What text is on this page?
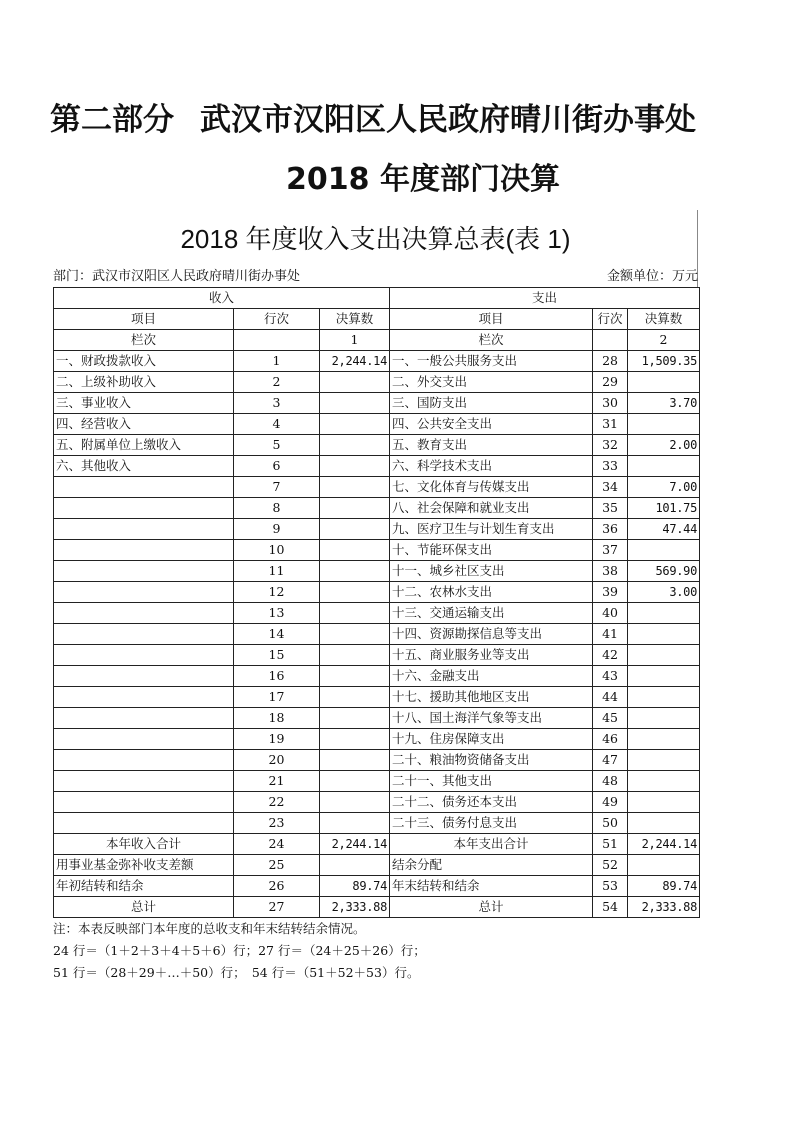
第二部分 武汉市汉阳区人民政府晴川街办事处
2018 年度部门决算
2018 年度收入支出决算总表(表 1)
部门：武汉市汉阳区人民政府晴川街办事处	金额单位：万元
收入			支出		
项目	行次	决算数	项目	行次	决算数
栏次		1	栏次		2
一、财政拨款收入	1	2,244.14	一、一般公共服务支出	28	1,509.35
二、上级补助收入	2		二、外交支出	29	
三、事业收入	3		三、国防支出	30	3.70
四、经营收入	4		四、公共安全支出	31	
五、附属单位上缴收入	5		五、教育支出	32	2.00
六、其他收入	6		六、科学技术支出	33	
	7		七、文化体育与传媒支出	34	7.00
	8		八、社会保障和就业支出	35	101.75
	9		九、医疗卫生与计划生育支出	36	47.44
	10		十、节能环保支出	37	
	11		十一、城乡社区支出	38	569.90
	12		十二、农林水支出	39	3.00
	13		十三、交通运输支出	40	
	14		十四、资源勘探信息等支出	41	
	15		十五、商业服务业等支出	42	
	16		十六、金融支出	43	
	17		十七、援助其他地区支出	44	
	18		十八、国土海洋气象等支出	45	
	19		十九、住房保障支出	46	
	20		二十、粮油物资储备支出	47	
	21		二十一、其他支出	48	
	22		二十二、债务还本支出	49	
	23		二十三、债务付息支出	50	
本年收入合计	24	2,244.14	本年支出合计	51	2,244.14
用事业基金弥补收支差额	25		结余分配	52	
年初结转和结余	26	89.74	年末结转和结余	53	89.74
总计	27	2,333.88	总计	54	2,333.88
注：本表反映部门本年度的总收支和年末结转结余情况。
24 行＝（1＋2＋3＋4＋5＋6）行；27 行＝（24＋25＋26）行；
51 行＝（28＋29＋…＋50）行；　54 行＝（51＋52＋53）行。
